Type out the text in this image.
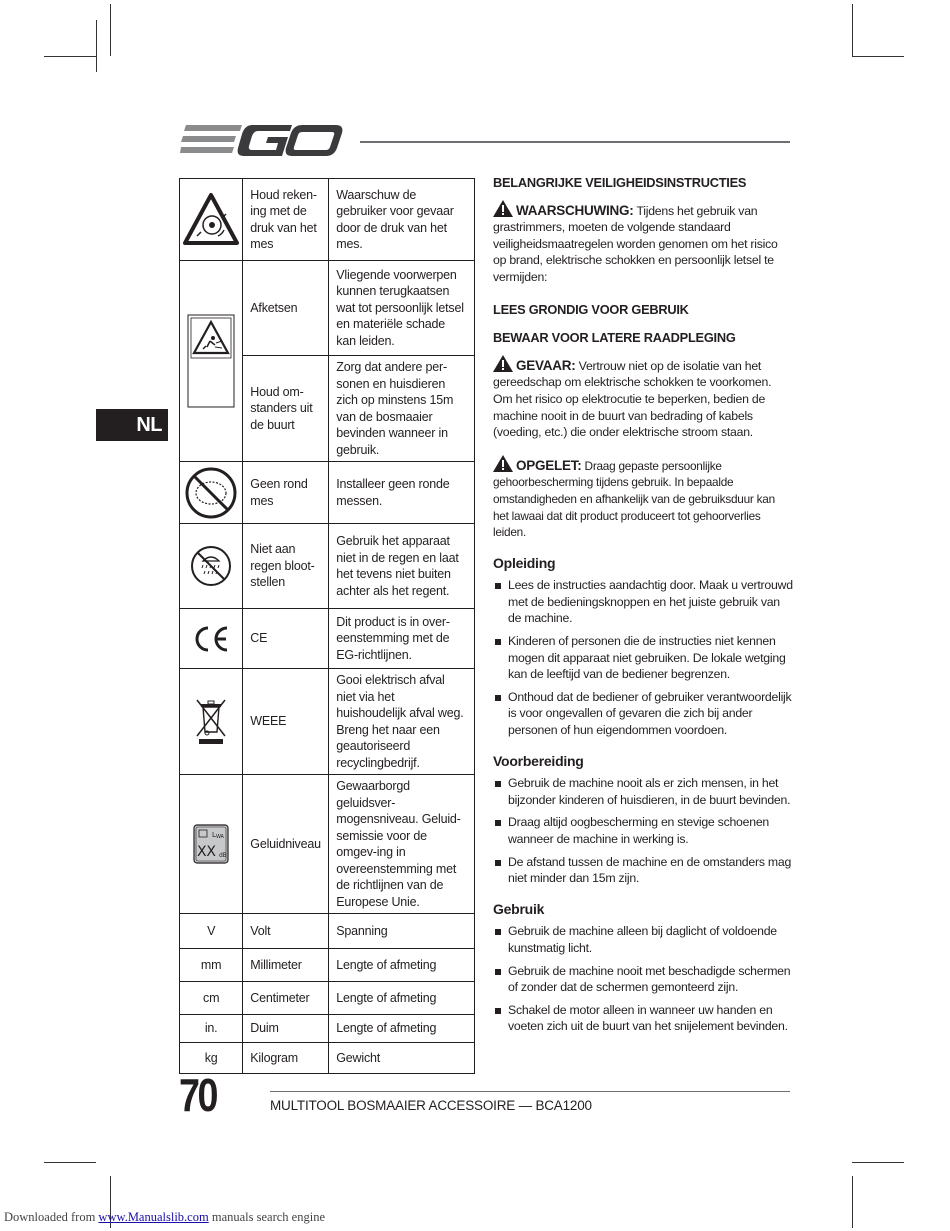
NL
	Houd reken-ing met de druk van het mes	Waarschuw de gebruiker voor gevaar door de druk van het mes.

	Afketsen	Vliegende voorwerpen kunnen terugkaatsen wat tot persoonlijk letsel en materiële schade kan leiden.
	Houd om-standers uit de buurt	Zorg dat andere per-sonen en huisdieren zich op minstens 15m van de bosmaaier bevinden wanneer in gebruik.

	Geen rond mes	Installeer geen ronde messen.

	Niet aan regen bloot-stellen	Gebruik het apparaat niet in de regen en laat het tevens niet buiten achter als het regent.

	CE	Dit product is in over-eenstemming met de EG-richtlijnen.

	WEEE	Gooi elektrisch afval niet via het huishoudelijk afval weg. Breng het naar een geautoriseerd recyclingbedrijf.

L WA
XX dB	Geluidniveau	Gewaarborgd geluidsver-mogensniveau. Geluid-semissie voor de omgev-ing in overeenstemming met de richtlijnen van de Europese Unie.
V	Volt	Spanning
mm	Millimeter	Lengte of afmeting
cm	Centimeter	Lengte of afmeting
in.	Duim	Lengte of afmeting
kg	Kilogram	Gewicht
BELANGRIJKE VEILIGHEIDSINSTRUCTIES

WAARSCHUWING: Tijdens het gebruik van grastrimmers, moeten de volgende standaard veiligheidsmaatregelen worden genomen om het risico op brand, elektrische schokken en persoonlijk letsel te vermijden:

LEES GRONDIG VOOR GEBRUIK
BEWAAR VOOR LATERE RAADPLEGING

GEVAAR: Vertrouw niet op de isolatie van het gereedschap om elektrische schokken te voorkomen. Om het risico op elektrocutie te beperken, bedien de machine nooit in de buurt van bedrading of kabels (voeding, etc.) die onder elektrische stroom staan.

OPGELET: Draag gepaste persoonlijke gehoorbescherming tijdens gebruik. In bepaalde omstandigheden en afhankelijk van de gebruiksduur kan het lawaai dat dit product produceert tot gehoorverlies leiden.

Opleiding
Lees de instructies aandachtig door. Maak u vertrouwd met de bedieningsknoppen en het juiste gebruik van de machine.
Kinderen of personen die de instructies niet kennen mogen dit apparaat niet gebruiken. De lokale wetging kan de leeftijd van de bediener begrenzen.
Onthoud dat de bediener of gebruiker verantwoordelijk is voor ongevallen of gevaren die zich bij ander personen of hun eigendommen voordoen.
Voorbereiding
Gebruik de machine nooit als er zich mensen, in het bijzonder kinderen of huisdieren, in de buurt bevinden.
Draag altijd oogbescherming en stevige schoenen wanneer de machine in werking is.
De afstand tussen de machine en de omstanders mag niet minder dan 15m zijn.
Gebruik
Gebruik de machine alleen bij daglicht of voldoende kunstmatig licht.
Gebruik de machine nooit met beschadigde schermen of zonder dat de schermen gemonteerd zijn.
Schakel de motor alleen in wanneer uw handen en voeten zich uit de buurt van het snijelement bevinden.
70	MULTITOOL BOSMAAIER ACCESSOIRE — BCA1200
Downloaded from www.Manualslib.com manuals search engine
